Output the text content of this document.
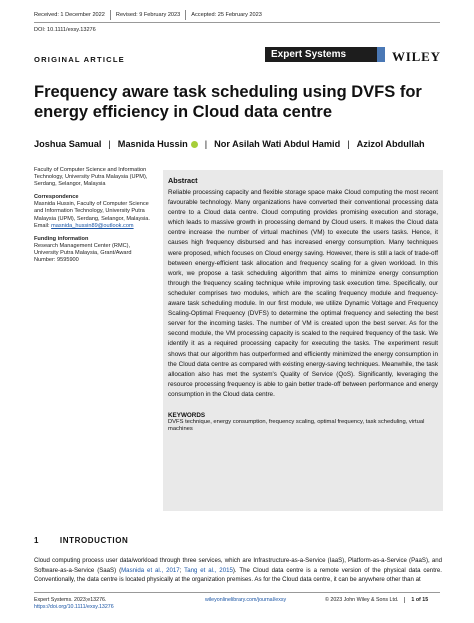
Received: 1 December 2022	Revised: 9 February 2023	Accepted: 25 February 2023
DOI: 10.1111/exsy.13276
ORIGINAL ARTICLE	Expert Systems	WILEY
Frequency aware task scheduling using DVFS for energy efficiency in Cloud data centre
Joshua Samual | Masnida Hussin | Nor Asilah Wati Abdul Hamid | Azizol Abdullah
Faculty of Computer Science and Information Technology, University Putra Malaysia (UPM), Serdang, Selangor, Malaysia
Correspondence
Masnida Hussin, Faculty of Computer Science and Information Technology, University Putra Malaysia (UPM), Serdang, Selangor, Malaysia.
Email: masnida_hussin89@outlook.com
Funding information
Research Management Center (RMC), University Putra Malaysia, Grant/Award Number: 9595900
Abstract
Reliable processing capacity and flexible storage space make Cloud computing the most recent favourable technology. Many organizations have converted their conventional processing data centre to a Cloud data centre. Cloud computing provides promising execution and storage, which leads to massive growth in processing demand by Cloud users. It makes the Cloud data centre increase the number of virtual machines (VM) to execute the users tasks. Hence, it causes high frequency disbursed and has increased energy consumption. Many techniques were proposed, which focuses on Cloud energy saving. However, there is still a lack of trade-off between energy-efficient task allocation and frequency scaling for a given workload. In this work, we propose a task scheduling algorithm that aims to minimize energy consumption through the frequency scaling technique while improving task execution time. Specifically, our scheduler comprises two modules, which are the scaling frequency module and frequency-aware task scheduling module. In our first module, we utilize Dynamic Voltage and Frequency Scaling-Optimal Frequency (DVFS) to determine the optimal frequency and selecting the best server for the incoming tasks. The number of VM is created upon the best server. As for the second module, the VM processing capacity is scaled to the required frequency of the task. We identify it as a required processing capacity for executing the tasks. The experiment result shows that our algorithm has outperformed and efficiently minimized the energy consumption in the Cloud data centre as compared with existing energy-saving techniques. Meanwhile, the task allocation also has met the system's Quality of Service (QoS). Significantly, leveraging the resource processing frequency is able to gain better trade-off between performance and energy consumption in the Cloud data centre.
KEYWORDS
DVFS technique, energy consumption, frequency scaling, optimal frequency, task scheduling, virtual machines
1	INTRODUCTION
Cloud computing process user data/workload through three services, which are Infrastructure-as-a-Service (IaaS), Platform-as-a-Service (PaaS), and Software-as-a-Service (SaaS) (Masnida et al., 2017; Tang et al., 2015). The Cloud data centre is a remote version of the physical data centre. Conventionally, the data centre is located physically at the organization premises. As for the Cloud data centre, it can be anywhere other than at
Expert Systems. 2023;e13276.
https://doi.org/10.1111/exsy.13276
wileyonlinelibrary.com/journal/exsy	© 2023 John Wiley & Sons Ltd.	1 of 15
